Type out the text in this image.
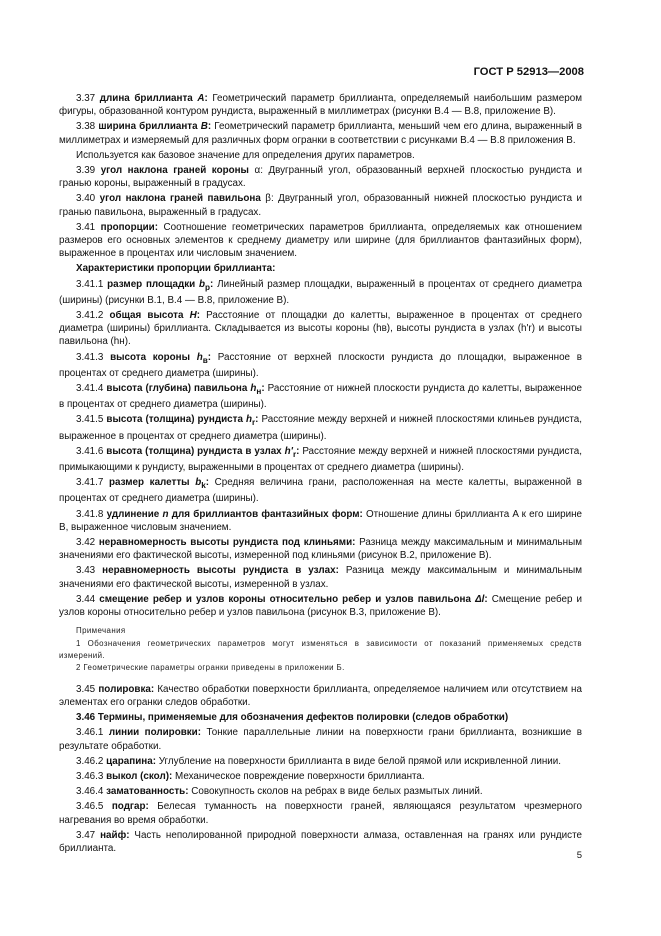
ГОСТ Р 52913—2008
3.37 длина бриллианта A: Геометрический параметр бриллианта, определяемый наибольшим размером фигуры, образованной контуром рундиста, выраженный в миллиметрах (рисунки В.4 — В.8, приложение В).
3.38 ширина бриллианта B: Геометрический параметр бриллианта, меньший чем его длина, выраженный в миллиметрах и измеряемый для различных форм огранки в соответствии с рисунками В.4 — В.8 приложения В.
Используется как базовое значение для определения других параметров.
3.39 угол наклона граней короны α: Двугранный угол, образованный верхней плоскостью рундиста и гранью короны, выраженный в градусах.
3.40 угол наклона граней павильона β: Двугранный угол, образованный нижней плоскостью рундиста и гранью павильона, выраженный в градусах.
3.41 пропорции: Соотношение геометрических параметров бриллианта, определяемых как отношением размеров его основных элементов к среднему диаметру или ширине (для бриллиантов фантазийных форм), выраженное в процентах или числовым значением.
Характеристики пропорции бриллианта:
3.41.1 размер площадки $b_p$: Линейный размер площадки, выраженный в процентах от среднего диаметра (ширины) (рисунки В.1, В.4 — В.8, приложение В).
3.41.2 общая высота H: Расстояние от площадки до калетты, выраженное в процентах от среднего диаметра (ширины) бриллианта. Складывается из высоты короны (hв), высоты рундиста в узлах (h'r) и высоты павильона (hн).
3.41.3 высота короны $h_в$: Расстояние от верхней плоскости рундиста до площадки, выраженное в процентах от среднего диаметра (ширины).
3.41.4 высота (глубина) павильона $h_н$: Расстояние от нижней плоскости рундиста до калетты, выраженное в процентах от среднего диаметра (ширины).
3.41.5 высота (толщина) рундиста $h_r$: Расстояние между верхней и нижней плоскостями клиньев рундиста, выраженное в процентах от среднего диаметра (ширины).
3.41.6 высота (толщина) рундиста в узлах $h'_r$: Расстояние между верхней и нижней плоскостями рундиста, примыкающими к рундисту, выраженными в процентах от среднего диаметра (ширины).
3.41.7 размер калетты $b_k$: Средняя величина грани, расположенная на месте калетты, выраженной в процентах от среднего диаметра (ширины).
3.41.8 удлинение n для бриллиантов фантазийных форм: Отношение длины бриллианта A к его ширине B, выраженное числовым значением.
3.42 неравномерность высоты рундиста под клиньями: Разница между максимальным и минимальным значениями его фактической высоты, измеренной под клиньями (рисунок В.2, приложение В).
3.43 неравномерность высоты рундиста в узлах: Разница между максимальным и минимальным значениями его фактической высоты, измеренной в узлах.
3.44 смещение ребер и узлов короны относительно ребер и узлов павильона Δl: Смещение ребер и узлов короны относительно ребер и узлов павильона (рисунок В.3, приложение В).
Примечания
1 Обозначения геометрических параметров могут изменяться в зависимости от показаний применяемых средств измерений.
2 Геометрические параметры огранки приведены в приложении Б.
3.45 полировка: Качество обработки поверхности бриллианта, определяемое наличием или отсутствием на элементах его огранки следов обработки.
3.46 Термины, применяемые для обозначения дефектов полировки (следов обработки)
3.46.1 линии полировки: Тонкие параллельные линии на поверхности грани бриллианта, возникшие в результате обработки.
3.46.2 царапина: Углубление на поверхности бриллианта в виде белой прямой или искривленной линии.
3.46.3 выкол (скол): Механическое повреждение поверхности бриллианта.
3.46.4 заматованность: Совокупность сколов на ребрах в виде белых размытых линий.
3.46.5 подгар: Белесая туманность на поверхности граней, являющаяся результатом чрезмерного нагревания во время обработки.
3.47 найф: Часть неполированной природной поверхности алмаза, оставленная на гранях или рундисте бриллианта.
5
